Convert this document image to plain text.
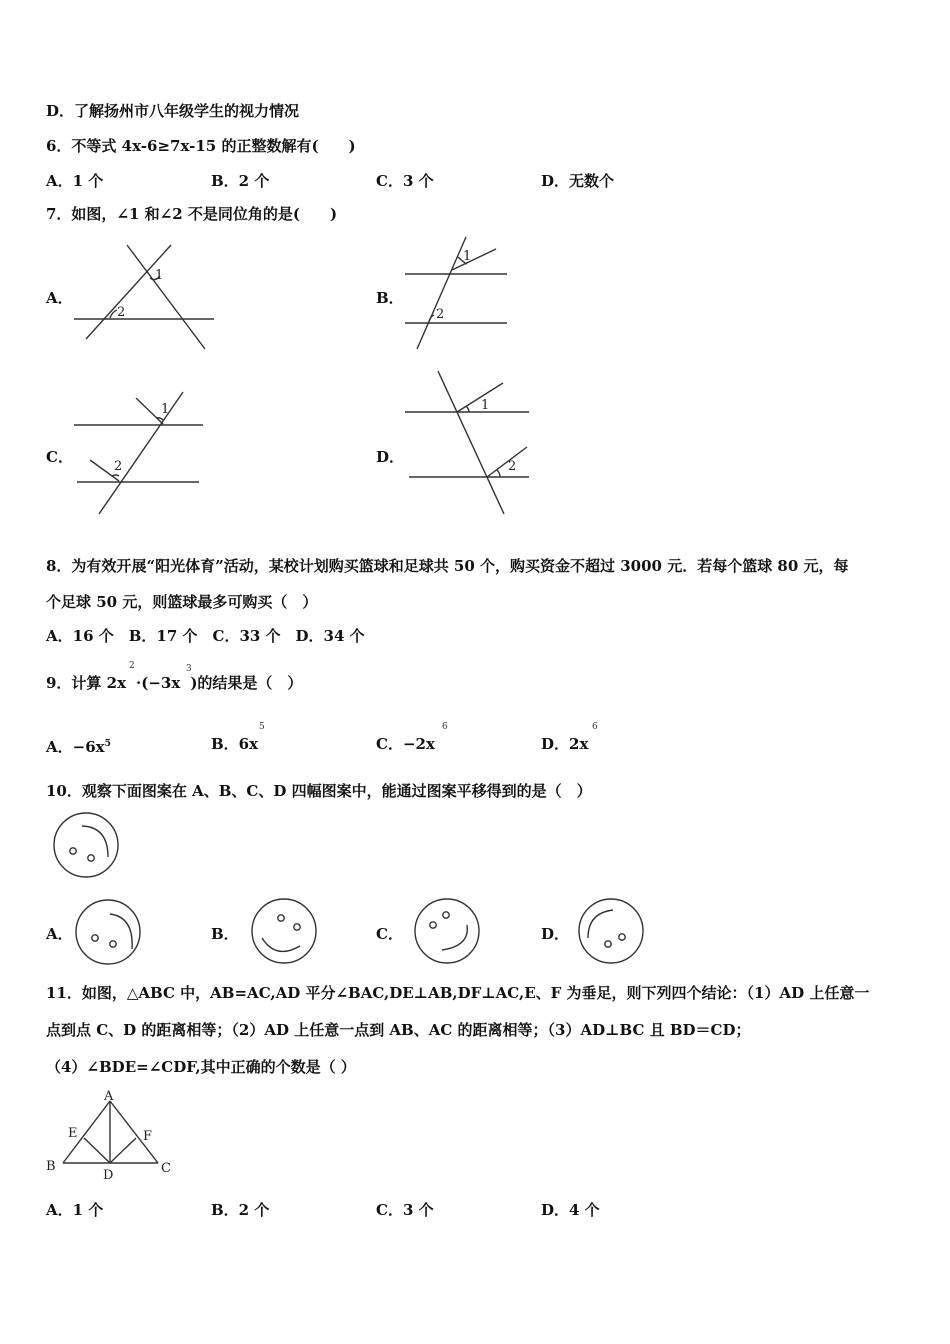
D．了解扬州市八年级学生的视力情况
6．不等式 4x-6≥7x-15 的正整数解有(　　)
A．1 个	B．2 个	C．3 个	D．无数个
7．如图，∠1 和∠2 不是同位角的是(　　)
A．	B．
C．	D．
1
2
1
2
1
2
1
2
8．为有效开展“阳光体育”活动，某校计划购买篮球和足球共 50 个，购买资金不超过 3000 元．若每个篮球 80 元，每
个足球 50 元，则篮球最多可购买（　）
A．16 个　B．17 个　C．33 个　D．34 个
9．计算 2x ·(−3x )的结果是（　）
2	3
A．$-6x^5$	B．6x
5
C．−2x
6
D．2x
6
10．观察下面图案在 A、B、C、D 四幅图案中，能通过图案平移得到的是（　）
A．	B．	C．	D．
11．如图，△ABC 中，AB=AC,AD 平分∠BAC,DE⊥AB,DF⊥AC,E、F 为垂足，则下列四个结论：（1）AD 上任意一
点到点 C、D 的距离相等；（2）AD 上任意一点到 AB、AC 的距离相等；（3）AD⊥BC 且 BD＝CD；
（4）∠BDE=∠CDF,其中正确的个数是（ ）
A
B	C
D
E	F
A．1 个	B．2 个	C．3 个	D．4 个
